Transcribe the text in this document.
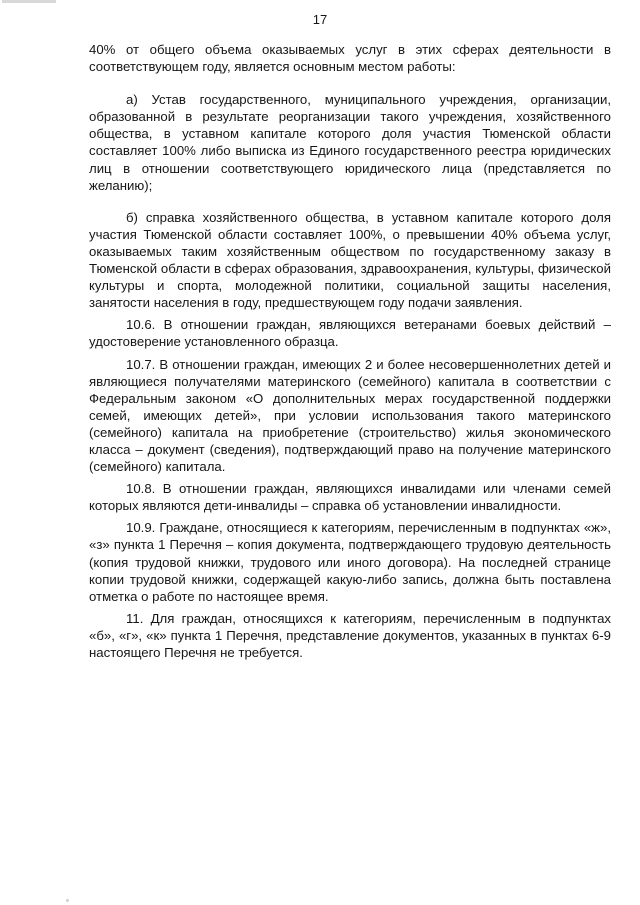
17

40% от общего объема оказываемых услуг в этих сферах деятельности в соответствующем году, является основным местом работы:

а) Устав государственного, муниципального учреждения, организации, образованной в результате реорганизации такого учреждения, хозяйственного общества, в уставном капитале которого доля участия Тюменской области составляет 100% либо выписка из Единого государственного реестра юридических лиц в отношении соответствующего юридического лица (представляется по желанию);

б) справка хозяйственного общества, в уставном капитале которого доля участия Тюменской области составляет 100%, о превышении 40% объема услуг, оказываемых таким хозяйственным обществом по государственному заказу в Тюменской области в сферах образования, здравоохранения, культуры, физической культуры и спорта, молодежной политики, социальной защиты населения, занятости населения в году, предшествующем году подачи заявления.

10.6. В отношении граждан, являющихся ветеранами боевых действий – удостоверение установленного образца.

10.7. В отношении граждан, имеющих 2 и более несовершеннолетних детей и являющиеся получателями материнского (семейного) капитала в соответствии с Федеральным законом «О дополнительных мерах государственной поддержки семей, имеющих детей», при условии использования такого материнского (семейного) капитала на приобретение (строительство) жилья экономического класса – документ (сведения), подтверждающий право на получение материнского (семейного) капитала.

10.8. В отношении граждан, являющихся инвалидами или членами семей которых являются дети-инвалиды – справка об установлении инвалидности.

10.9. Граждане, относящиеся к категориям, перечисленным в подпунктах «ж», «з» пункта 1 Перечня – копия документа, подтверждающего трудовую деятельность (копия трудовой книжки, трудового или иного договора). На последней странице копии трудовой книжки, содержащей какую-либо запись, должна быть поставлена отметка о работе по настоящее время.

11. Для граждан, относящихся к категориям, перечисленным в подпунктах «б», «г», «к» пункта 1 Перечня, представление документов, указанных в пунктах 6-9 настоящего Перечня не требуется.
